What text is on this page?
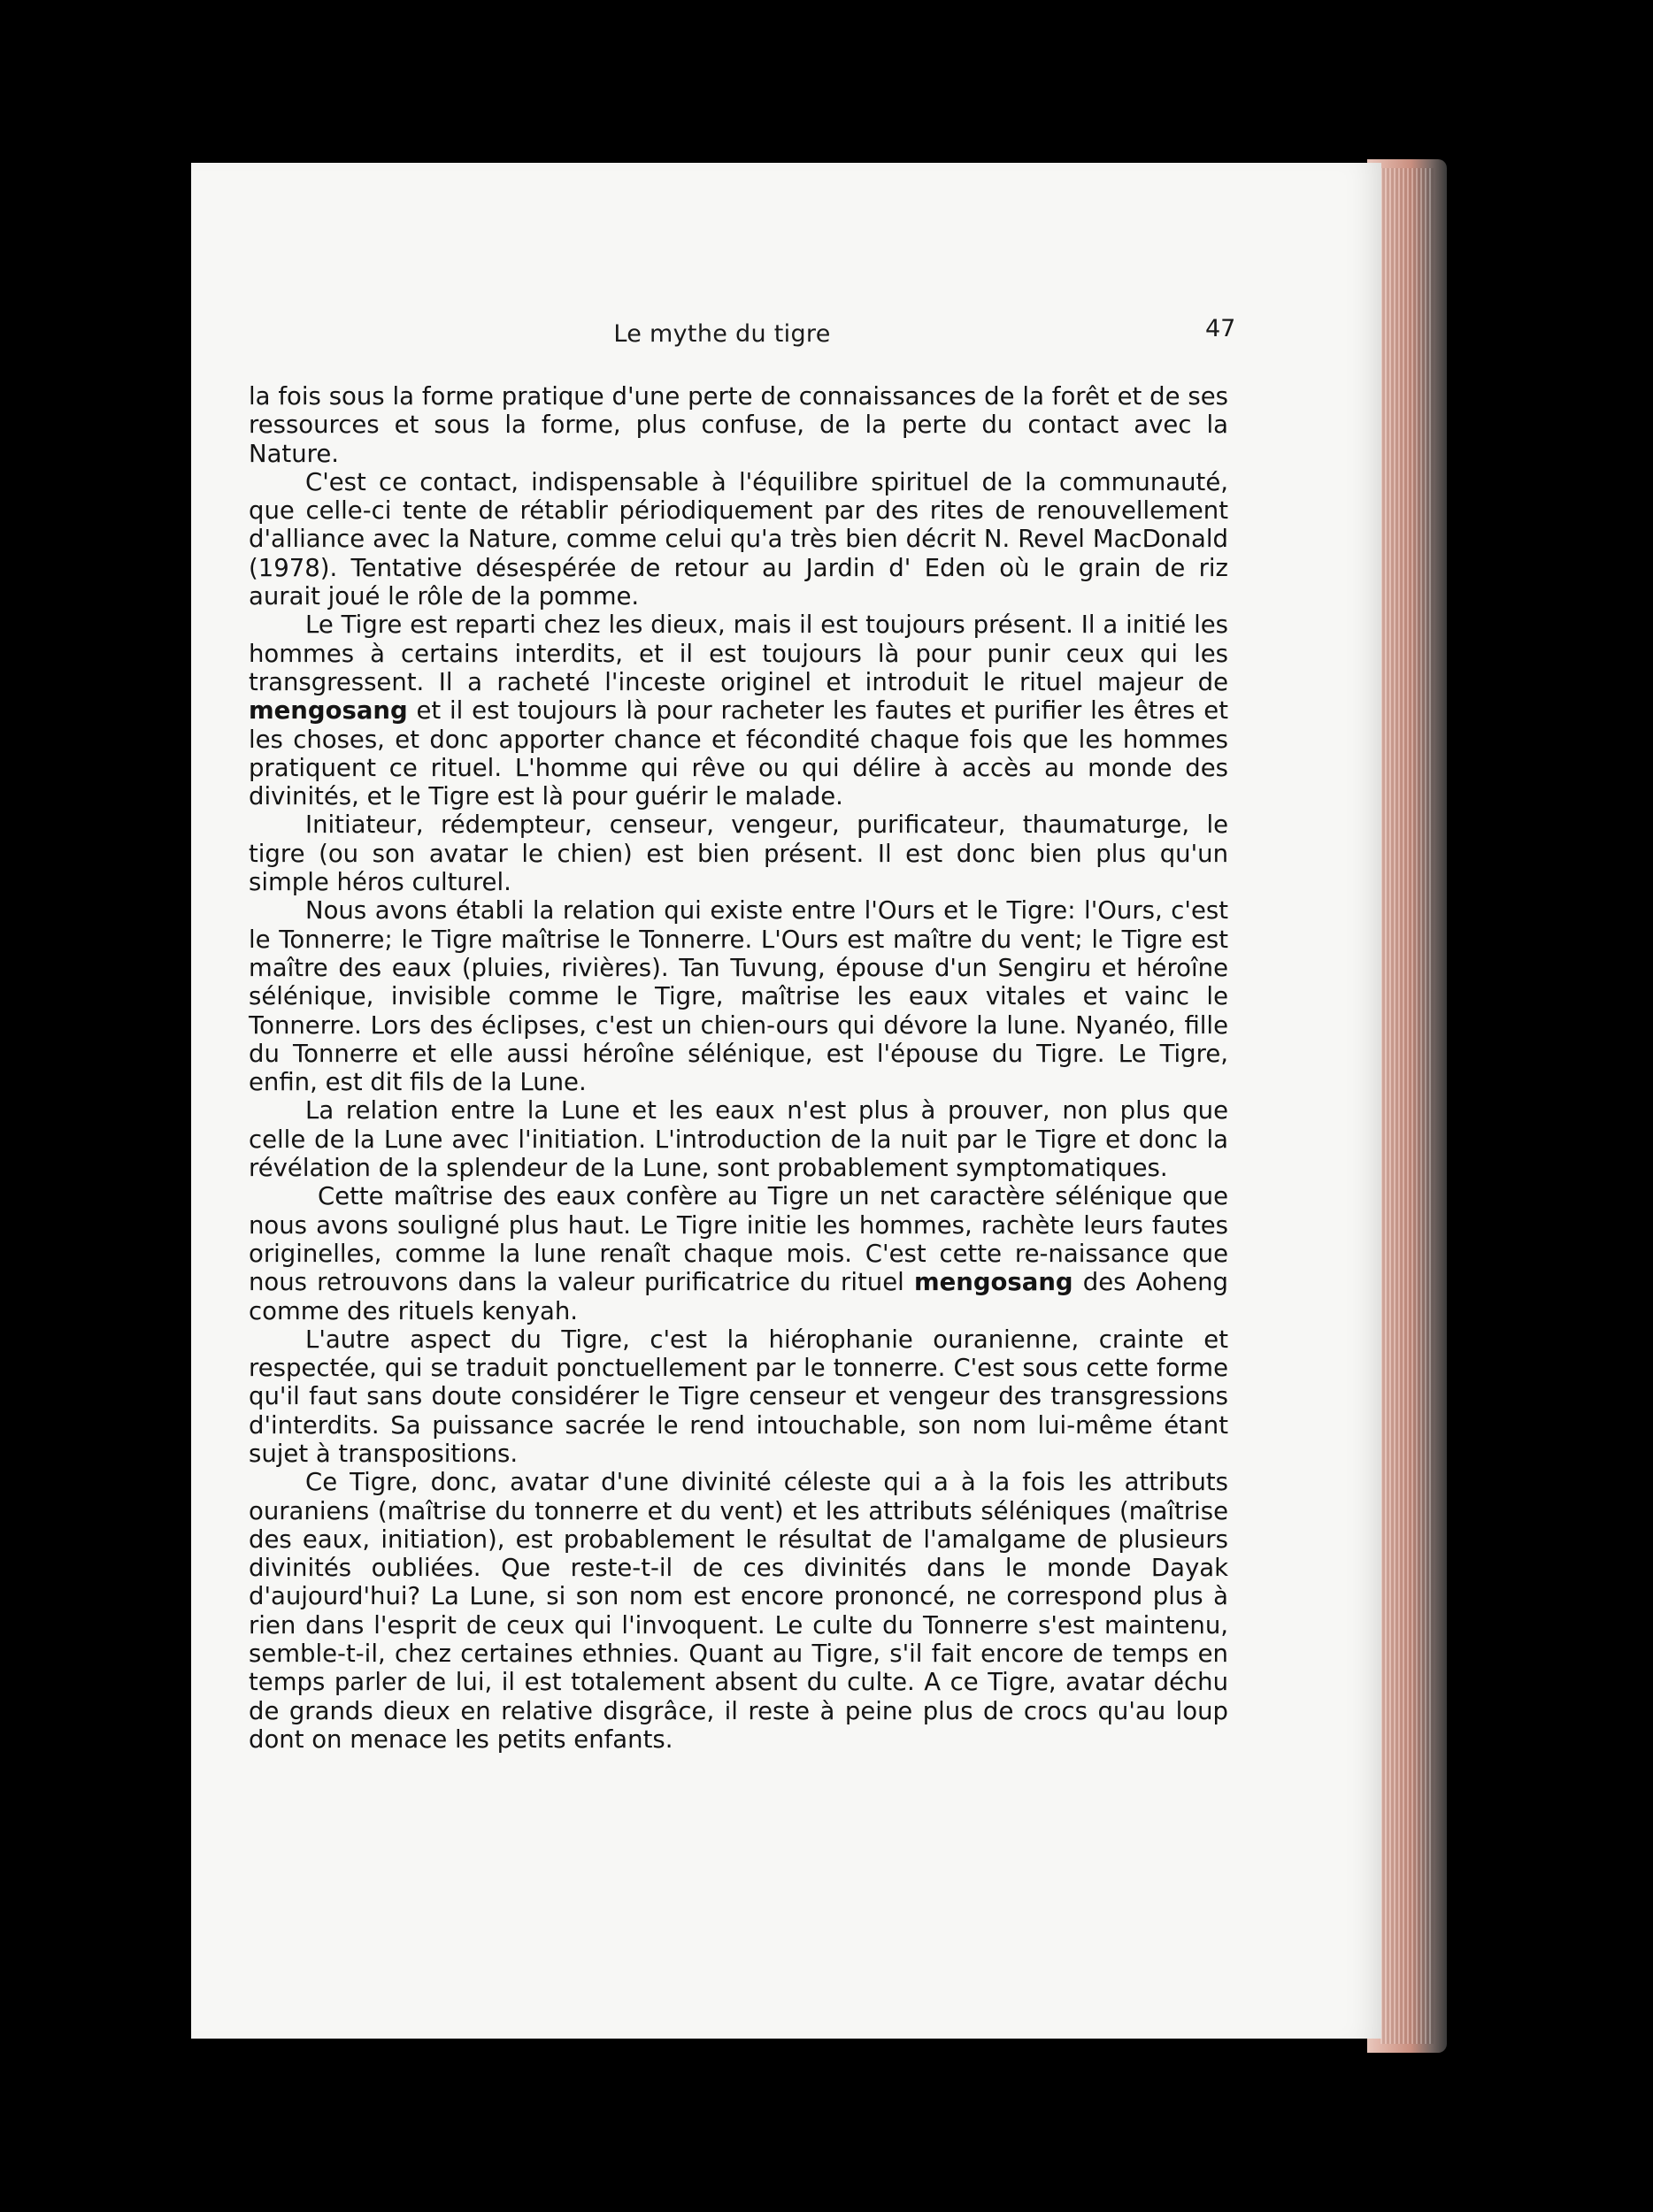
Le mythe du tigre	47

la fois sous la forme pratique d'une perte de connaissances de la forêt et de ses ressources et sous la forme, plus confuse, de la perte du contact avec la Nature.

C'est ce contact, indispensable à l'équilibre spirituel de la communauté, que celle-ci tente de rétablir périodiquement par des rites de renouvellement d'alliance avec la Nature, comme celui qu'a très bien décrit N. Revel MacDonald (1978). Tentative désespérée de retour au Jardin d' Eden où le grain de riz aurait joué le rôle de la pomme.

Le Tigre est reparti chez les dieux, mais il est toujours présent. Il a initié les hommes à certains interdits, et il est toujours là pour punir ceux qui les transgressent. Il a racheté l'inceste originel et introduit le rituel majeur de mengosang et il est toujours là pour racheter les fautes et purifier les êtres et les choses, et donc apporter chance et fécondité chaque fois que les hommes pratiquent ce rituel. L'homme qui rêve ou qui délire à accès au monde des divinités, et le Tigre est là pour guérir le malade.

Initiateur, rédempteur, censeur, vengeur, purificateur, thaumaturge, le tigre (ou son avatar le chien) est bien présent. Il est donc bien plus qu'un simple héros culturel.

Nous avons établi la relation qui existe entre l'Ours et le Tigre: l'Ours, c'est le Tonnerre; le Tigre maîtrise le Tonnerre. L'Ours est maître du vent; le Tigre est maître des eaux (pluies, rivières). Tan Tuvung, épouse d'un Sengiru et héroîne sélénique, invisible comme le Tigre, maîtrise les eaux vitales et vainc le Tonnerre. Lors des éclipses, c'est un chien-ours qui dévore la lune. Nyanéo, fille du Tonnerre et elle aussi héroîne sélénique, est l'épouse du Tigre. Le Tigre, enfin, est dit fils de la Lune.

La relation entre la Lune et les eaux n'est plus à prouver, non plus que celle de la Lune avec l'initiation. L'introduction de la nuit par le Tigre et donc la révélation de la splendeur de la Lune, sont probablement symptomatiques.

Cette maîtrise des eaux confère au Tigre un net caractère sélénique que nous avons souligné plus haut. Le Tigre initie les hommes, rachète leurs fautes originelles, comme la lune renaît chaque mois. C'est cette re-naissance que nous retrouvons dans la valeur purificatrice du rituel mengosang des Aoheng comme des rituels kenyah.

L'autre aspect du Tigre, c'est la hiérophanie ouranienne, crainte et respectée, qui se traduit ponctuellement par le tonnerre. C'est sous cette forme qu'il faut sans doute considérer le Tigre censeur et vengeur des transgressions d'interdits. Sa puissance sacrée le rend intouchable, son nom lui-même étant sujet à transpositions.

Ce Tigre, donc, avatar d'une divinité céleste qui a à la fois les attributs ouraniens (maîtrise du tonnerre et du vent) et les attributs séléniques (maîtrise des eaux, initiation), est probablement le résultat de l'amalgame de plusieurs divinités oubliées. Que reste-t-il de ces divinités dans le monde Dayak d'aujourd'hui? La Lune, si son nom est encore prononcé, ne correspond plus à rien dans l'esprit de ceux qui l'invoquent. Le culte du Tonnerre s'est maintenu, semble-t-il, chez certaines ethnies. Quant au Tigre, s'il fait encore de temps en temps parler de lui, il est totalement absent du culte. A ce Tigre, avatar déchu de grands dieux en relative disgrâce, il reste à peine plus de crocs qu'au loup dont on menace les petits enfants.
